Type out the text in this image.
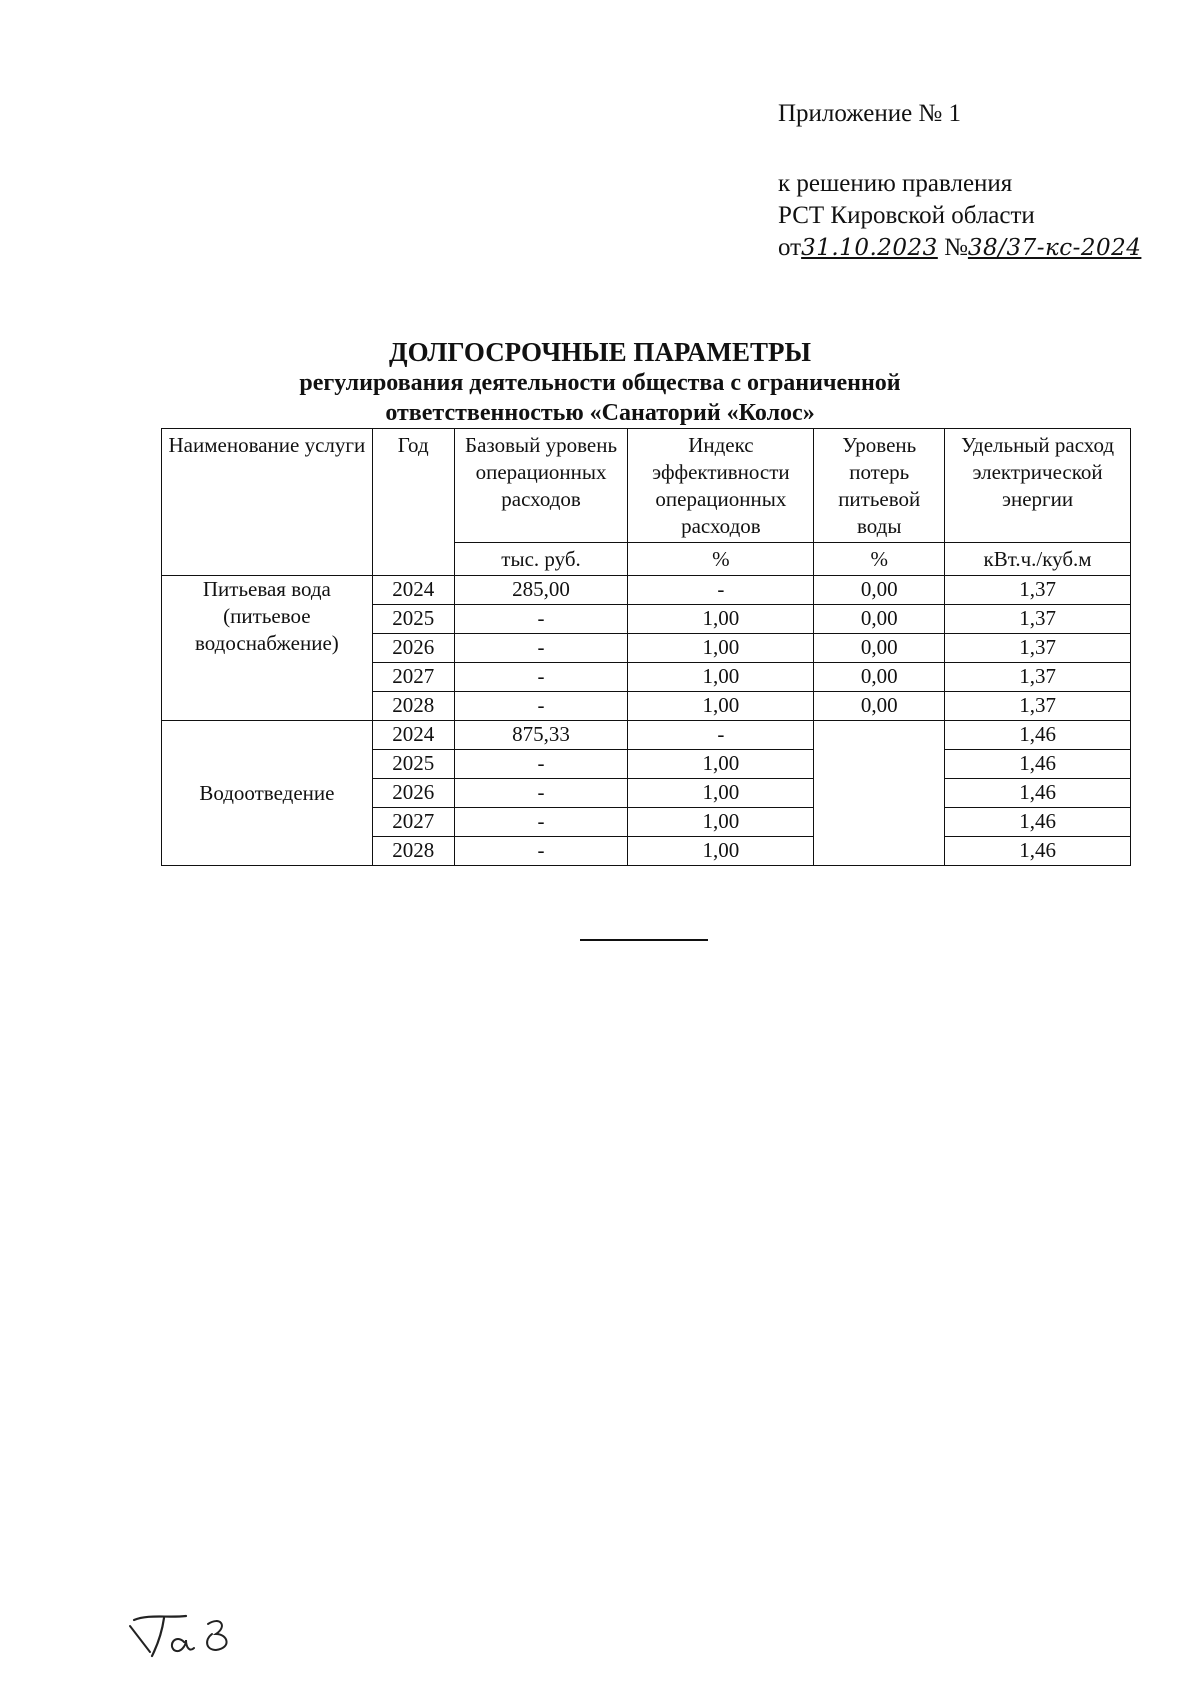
Приложение № 1
к решению правления
РСТ Кировской области
от31.10.2023 №38/37-кс-2024
ДОЛГОСРОЧНЫЕ ПАРАМЕТРЫ
регулирования деятельности общества с ограниченной
ответственностью «Санаторий «Колос»
Наименование услуги	Год	Базовый уровень операционных расходов	Индекс эффективности операционных расходов	Уровень потерь питьевой воды	Удельный расход электрической энергии
		тыс. руб.	%	%	кВт.ч./куб.м
Питьевая вода (питьевое водоснабжение)	2024	285,00	-	0,00	1,37
	2025	-	1,00	0,00	1,37
	2026	-	1,00	0,00	1,37
	2027	-	1,00	0,00	1,37
	2028	-	1,00	0,00	1,37
Водоотведение	2024	875,33	-		1,46
	2025	-	1,00		1,46
	2026	-	1,00		1,46
	2027	-	1,00		1,46
	2028	-	1,00		1,46
